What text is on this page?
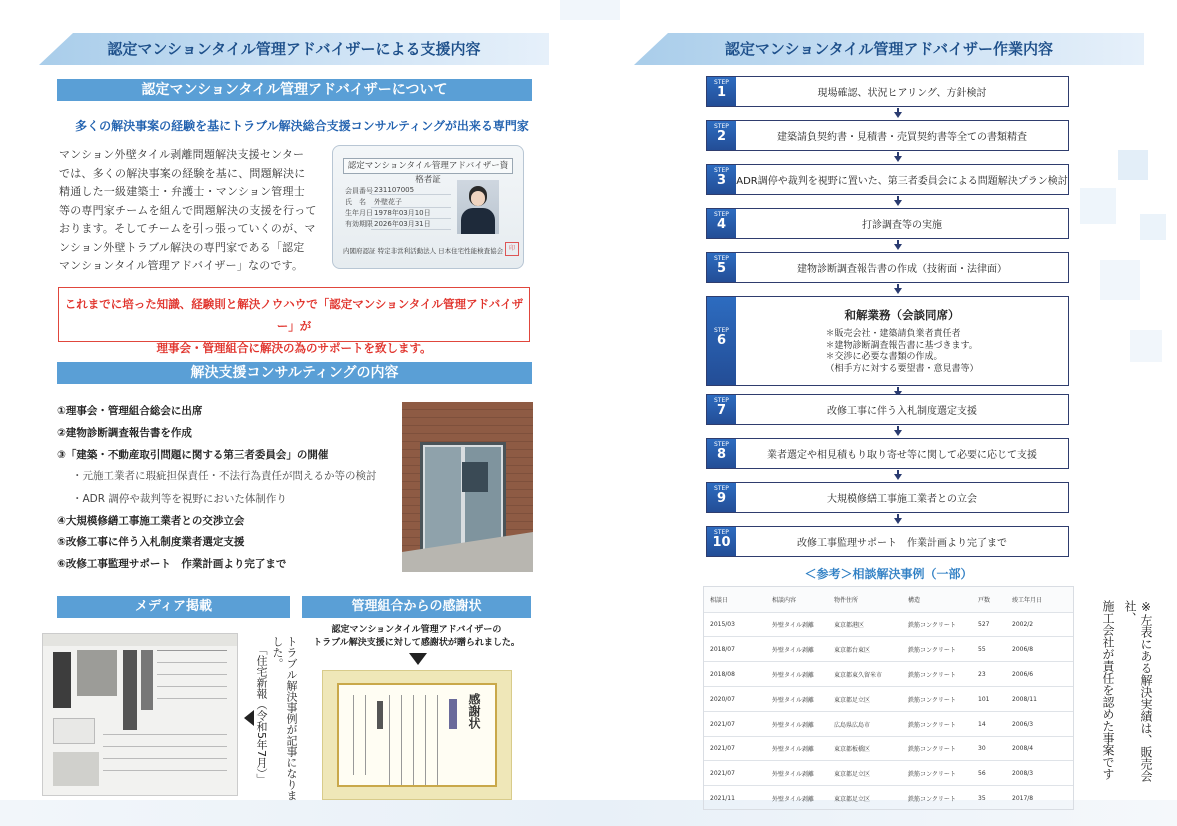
認定マンションタイル管理アドバイザーによる支援内容
認定マンションタイル管理アドバイザーについて
多くの解決事案の経験を基にトラブル解決総合支援コンサルティングが出来る専門家
マンション外壁タイル剥離問題解決支援センター
では、多くの解決事案の経験を基に、問題解決に
精通した一級建築士・弁護士・マンション管理士
等の専門家チームを組んで問題解決の支援を行って
おります。そしてチームを引っ張っていくのが、マ
ンション外壁トラブル解決の専門家である「認定
マンションタイル管理アドバイザー」なのです。
認定マンションタイル管理アドバイザー資格者証
会員番号 231107005
氏　名	外壁花子
生年月日 1978年03月10日
有効期限 2026年03月31日
内閣府認証 特定非営利活動法人 日本住宅性能検査協会 印
これまでに培った知識、経験則と解決ノウハウで「認定マンションタイル管理アドバイザー」が
理事会・管理組合に解決の為のサポートを致します。
解決支援コンサルティングの内容
①理事会・管理組合総会に出席
②建物診断調査報告書を作成
③「建築・不動産取引問題に関する第三者委員会」の開催
・元施工業者に瑕疵担保責任・不法行為責任が問えるか等の検討
・ADR 調停や裁判等を視野においた体制作り
④大規模修繕工事施工業者との交渉立会
⑤改修工事に伴う入札制度業者選定支援
⑥改修工事監理サポート　作業計画より完了まで
メディア掲載
トラブル解決事例が記事になりました。
「住宅新報（令和5年7月）」
管理組合からの感謝状
認定マンションタイル管理アドバイザーの
トラブル解決支援に対して感謝状が贈られました。
感謝状
認定マンションタイル管理アドバイザー作業内容
STEP
1	現場確認、状況ヒアリング、方針検討
STEP
2	建築請負契約書・見積書・売買契約書等全ての書類精査
STEP
3	ADR調停や裁判を視野に置いた、第三者委員会による問題解決プラン検討
STEP
4	打診調査等の実施
STEP
5	建物診断調査報告書の作成（技術面・法律面）
STEP
6
和解業務（会談同席）
＊販売会社・建築請負業者責任者
＊建物診断調査報告書に基づきます。
＊交渉に必要な書類の作成。
（相手方に対する要望書・意見書等）
STEP
7	改修工事に伴う入札制度選定支援
STEP
8	業者選定や相見積もり取り寄せ等に関して必要に応じて支援
STEP
9	大規模修繕工事施工業者との立会
STEP
10	改修工事監理サポート　作業計画より完了まで
＜参考＞相談解決事例（一部）
相談日	相談内容	物件住所	構造	戸数	竣工年月日
2015/03	外壁タイル剥離	東京都港区	鉄筋コンクリート	527	2002/2
2018/07	外壁タイル剥離	東京都台東区	鉄筋コンクリート	55	2006/8
2018/08	外壁タイル剥離	東京都東久留米市	鉄筋コンクリート	23	2006/6
2020/07	外壁タイル剥離	東京都足立区	鉄筋コンクリート	101	2008/11
2021/07	外壁タイル剥離	広島県広島市	鉄筋コンクリート	14	2006/3
2021/07	外壁タイル剥離	東京都板橋区	鉄筋コンクリート	30	2008/4
2021/07	外壁タイル剥離	東京都足立区	鉄筋コンクリート	56	2008/3
2021/11	外壁タイル剥離	東京都足立区	鉄筋コンクリート	35	2017/8
※左表にある解決実績は、販売会社、
施工会社が責任を認めた事案です
